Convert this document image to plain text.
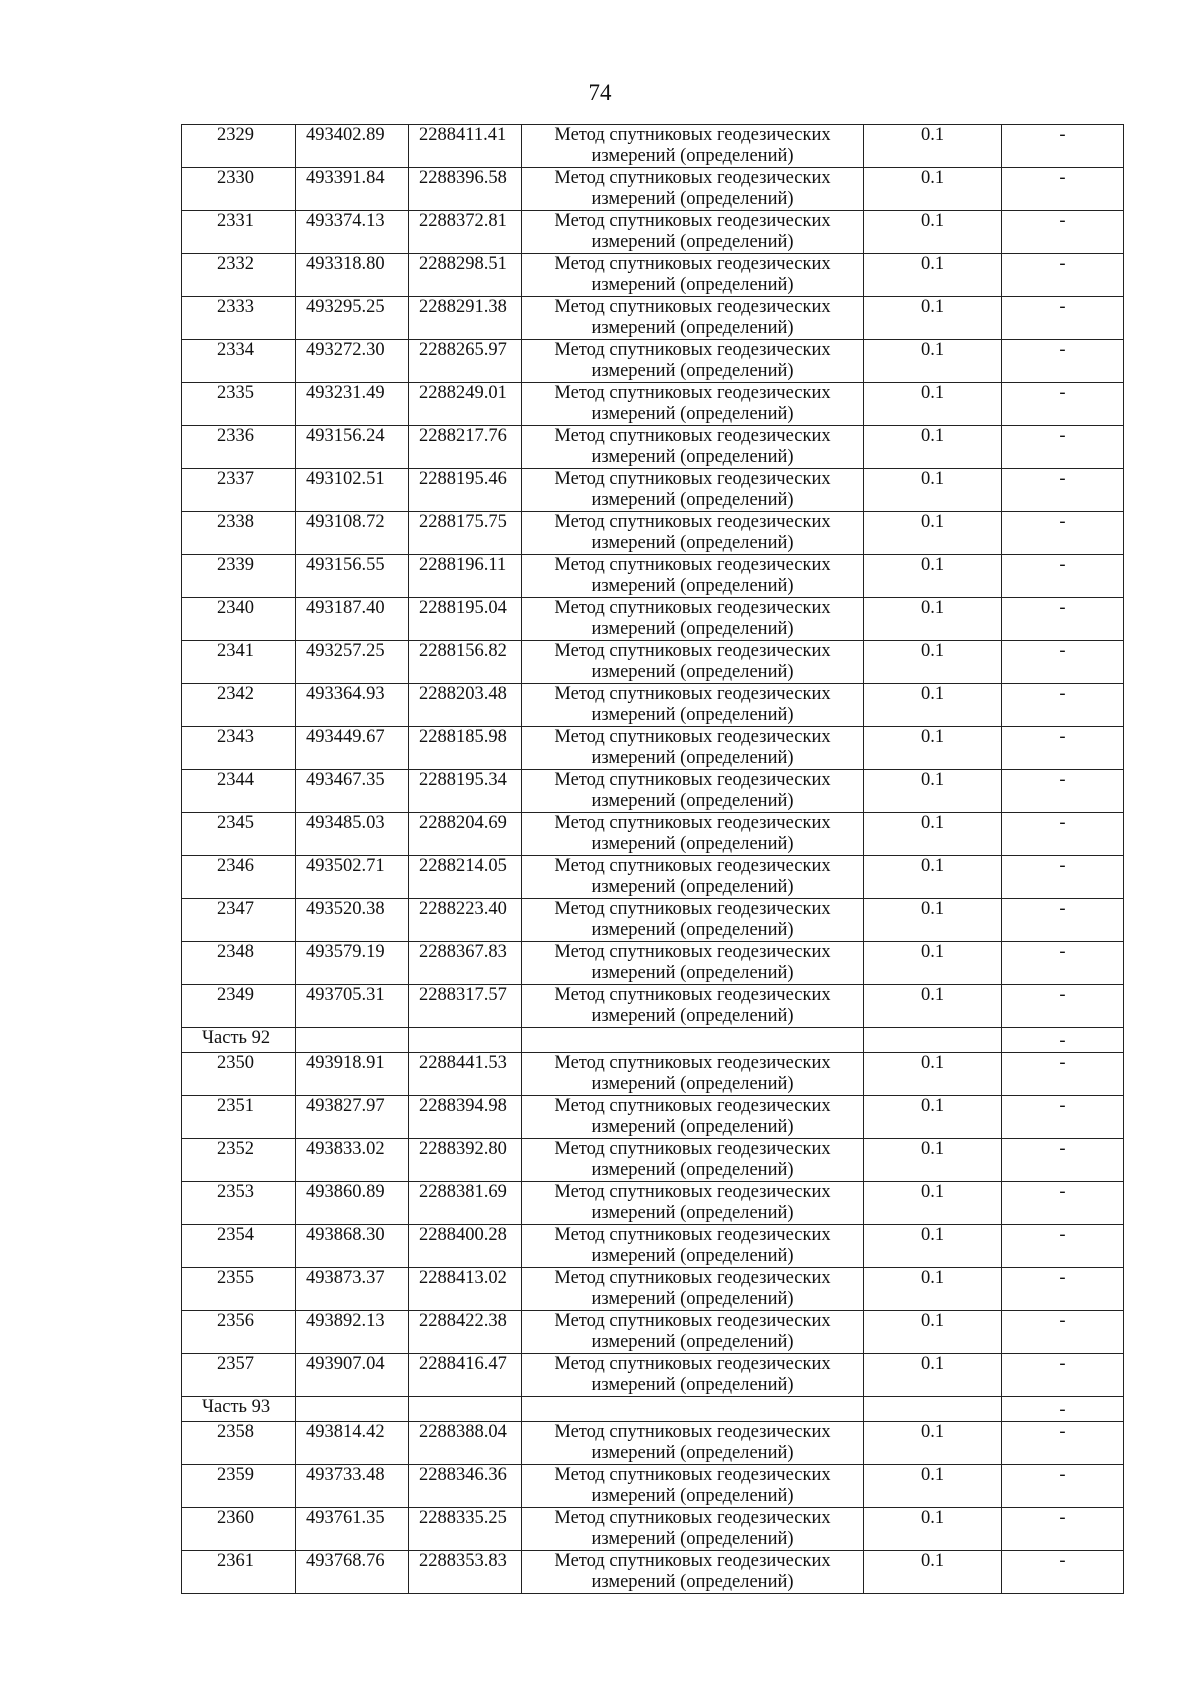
74
2329	493402.89	2288411.41	Метод спутниковых геодезических
измерений (определений)	0.1	-
2330	493391.84	2288396.58	Метод спутниковых геодезических
измерений (определений)	0.1	-
2331	493374.13	2288372.81	Метод спутниковых геодезических
измерений (определений)	0.1	-
2332	493318.80	2288298.51	Метод спутниковых геодезических
измерений (определений)	0.1	-
2333	493295.25	2288291.38	Метод спутниковых геодезических
измерений (определений)	0.1	-
2334	493272.30	2288265.97	Метод спутниковых геодезических
измерений (определений)	0.1	-
2335	493231.49	2288249.01	Метод спутниковых геодезических
измерений (определений)	0.1	-
2336	493156.24	2288217.76	Метод спутниковых геодезических
измерений (определений)	0.1	-
2337	493102.51	2288195.46	Метод спутниковых геодезических
измерений (определений)	0.1	-
2338	493108.72	2288175.75	Метод спутниковых геодезических
измерений (определений)	0.1	-
2339	493156.55	2288196.11	Метод спутниковых геодезических
измерений (определений)	0.1	-
2340	493187.40	2288195.04	Метод спутниковых геодезических
измерений (определений)	0.1	-
2341	493257.25	2288156.82	Метод спутниковых геодезических
измерений (определений)	0.1	-
2342	493364.93	2288203.48	Метод спутниковых геодезических
измерений (определений)	0.1	-
2343	493449.67	2288185.98	Метод спутниковых геодезических
измерений (определений)	0.1	-
2344	493467.35	2288195.34	Метод спутниковых геодезических
измерений (определений)	0.1	-
2345	493485.03	2288204.69	Метод спутниковых геодезических
измерений (определений)	0.1	-
2346	493502.71	2288214.05	Метод спутниковых геодезических
измерений (определений)	0.1	-
2347	493520.38	2288223.40	Метод спутниковых геодезических
измерений (определений)	0.1	-
2348	493579.19	2288367.83	Метод спутниковых геодезических
измерений (определений)	0.1	-
2349	493705.31	2288317.57	Метод спутниковых геодезических
измерений (определений)	0.1	-
Часть 92					-
2350	493918.91	2288441.53	Метод спутниковых геодезических
измерений (определений)	0.1	-
2351	493827.97	2288394.98	Метод спутниковых геодезических
измерений (определений)	0.1	-
2352	493833.02	2288392.80	Метод спутниковых геодезических
измерений (определений)	0.1	-
2353	493860.89	2288381.69	Метод спутниковых геодезических
измерений (определений)	0.1	-
2354	493868.30	2288400.28	Метод спутниковых геодезических
измерений (определений)	0.1	-
2355	493873.37	2288413.02	Метод спутниковых геодезических
измерений (определений)	0.1	-
2356	493892.13	2288422.38	Метод спутниковых геодезических
измерений (определений)	0.1	-
2357	493907.04	2288416.47	Метод спутниковых геодезических
измерений (определений)	0.1	-
Часть 93					-
2358	493814.42	2288388.04	Метод спутниковых геодезических
измерений (определений)	0.1	-
2359	493733.48	2288346.36	Метод спутниковых геодезических
измерений (определений)	0.1	-
2360	493761.35	2288335.25	Метод спутниковых геодезических
измерений (определений)	0.1	-
2361	493768.76	2288353.83	Метод спутниковых геодезических
измерений (определений)	0.1	-
